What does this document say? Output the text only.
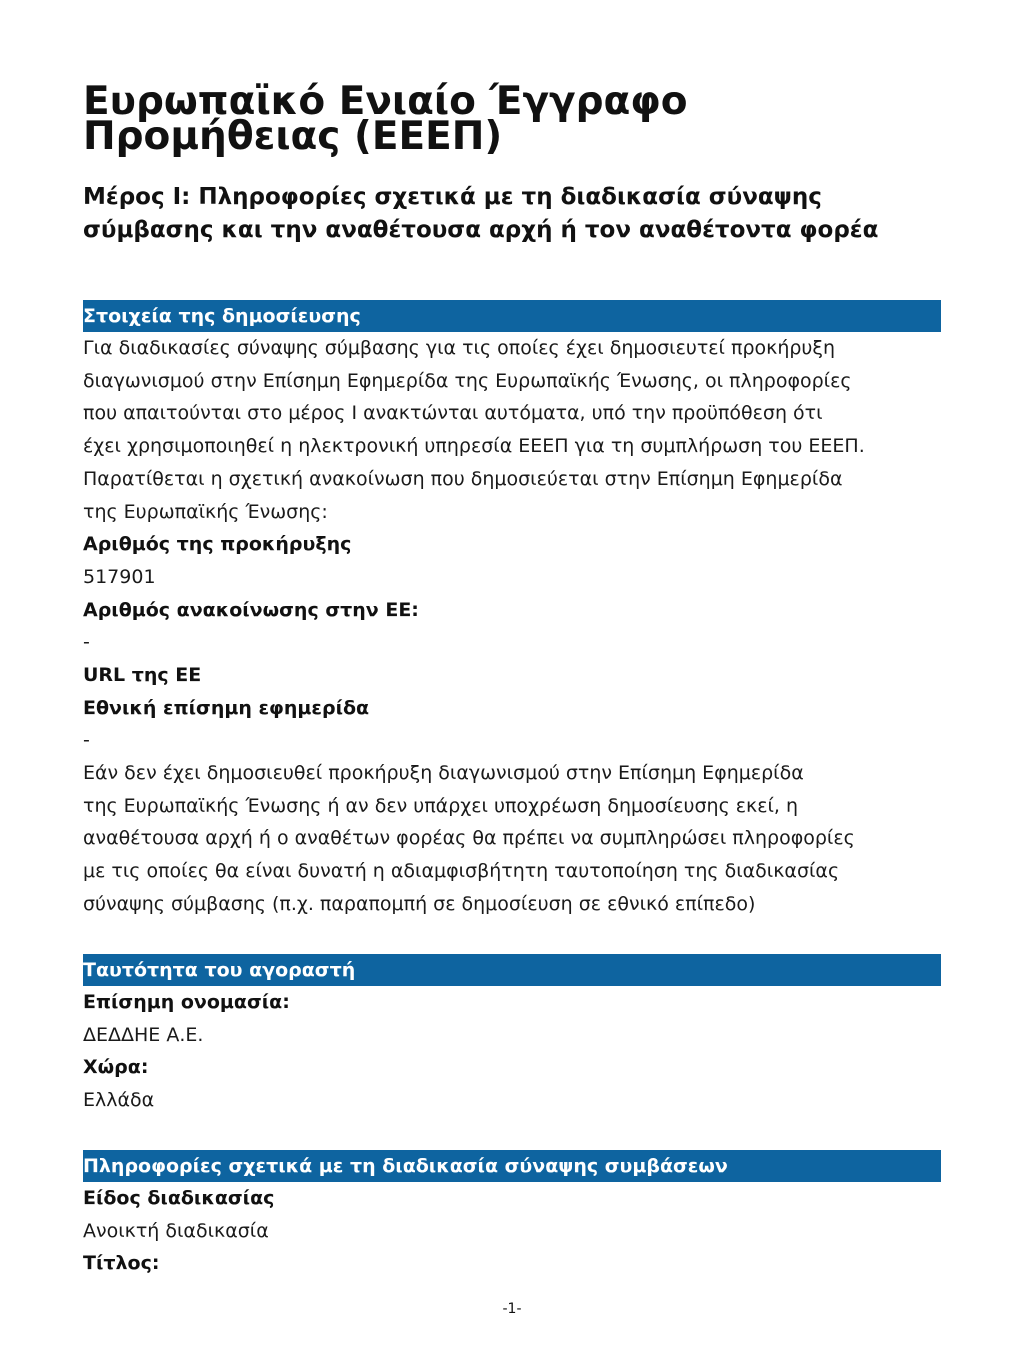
Ευρωπαϊκό Ενιαίο Έγγραφο
Προμήθειας (ΕΕΕΠ)
Μέρος I: Πληροφορίες σχετικά με τη διαδικασία σύναψης
σύμβασης και την αναθέτουσα αρχή ή τον αναθέτοντα φορέα
Στοιχεία της δημοσίευσης
Για διαδικασίες σύναψης σύμβασης για τις οποίες έχει δημοσιευτεί προκήρυξη
διαγωνισμού στην Επίσημη Εφημερίδα της Ευρωπαϊκής Ένωσης, οι πληροφορίες
που απαιτούνται στο μέρος I ανακτώνται αυτόματα, υπό την προϋπόθεση ότι
έχει χρησιμοποιηθεί η ηλεκτρονική υπηρεσία ΕΕΕΠ για τη συμπλήρωση του ΕΕΕΠ.
Παρατίθεται η σχετική ανακοίνωση που δημοσιεύεται στην Επίσημη Εφημερίδα
της Ευρωπαϊκής Ένωσης:
Αριθμός της προκήρυξης
517901
Αριθμός ανακοίνωσης στην ΕΕ:
-
URL της ΕΕ
Εθνική επίσημη εφημερίδα
-
Εάν δεν έχει δημοσιευθεί προκήρυξη διαγωνισμού στην Επίσημη Εφημερίδα
της Ευρωπαϊκής Ένωσης ή αν δεν υπάρχει υποχρέωση δημοσίευσης εκεί, η
αναθέτουσα αρχή ή ο αναθέτων φορέας θα πρέπει να συμπληρώσει πληροφορίες
με τις οποίες θα είναι δυνατή η αδιαμφισβήτητη ταυτοποίηση της διαδικασίας
σύναψης σύμβασης (π.χ. παραπομπή σε δημοσίευση σε εθνικό επίπεδο)
Ταυτότητα του αγοραστή
Επίσημη ονομασία:
ΔΕΔΔΗΕ Α.Ε.
Χώρα:
Ελλάδα
Πληροφορίες σχετικά με τη διαδικασία σύναψης συμβάσεων
Είδος διαδικασίας
Ανοικτή διαδικασία
Τίτλος:
-1-
